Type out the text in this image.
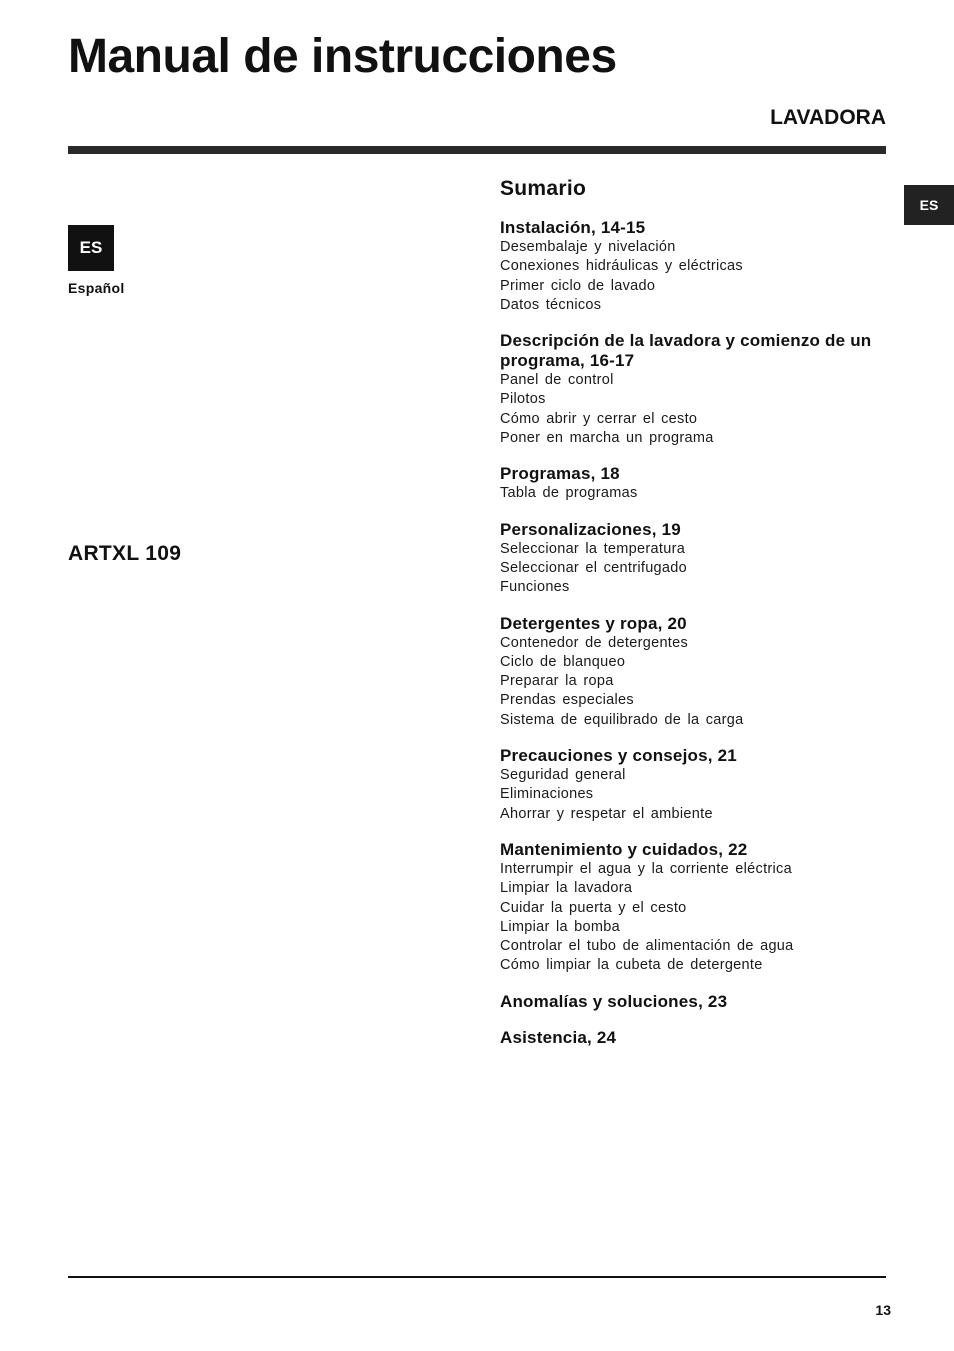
Manual de instrucciones
LAVADORA
ES
ES
Español
ARTXL 109
Sumario
Instalación, 14-15
Desembalaje y nivelación
Conexiones hidráulicas y eléctricas
Primer ciclo de lavado
Datos técnicos
Descripción de la lavadora y comienzo de un programa, 16-17
Panel de control
Pilotos
Cómo abrir y cerrar el cesto
Poner en marcha un programa
Programas, 18
Tabla de programas
Personalizaciones, 19
Seleccionar la temperatura
Seleccionar el centrifugado
Funciones
Detergentes y ropa, 20
Contenedor de detergentes
Ciclo de blanqueo
Preparar la ropa
Prendas especiales
Sistema de equilibrado de la carga
Precauciones y consejos, 21
Seguridad general
Eliminaciones
Ahorrar y respetar el ambiente
Mantenimiento y cuidados, 22
Interrumpir el agua y la corriente eléctrica
Limpiar la lavadora
Cuidar la puerta y el cesto
Limpiar la bomba
Controlar el tubo de alimentación de agua
Cómo limpiar la cubeta de detergente
Anomalías y soluciones, 23
Asistencia, 24
13
